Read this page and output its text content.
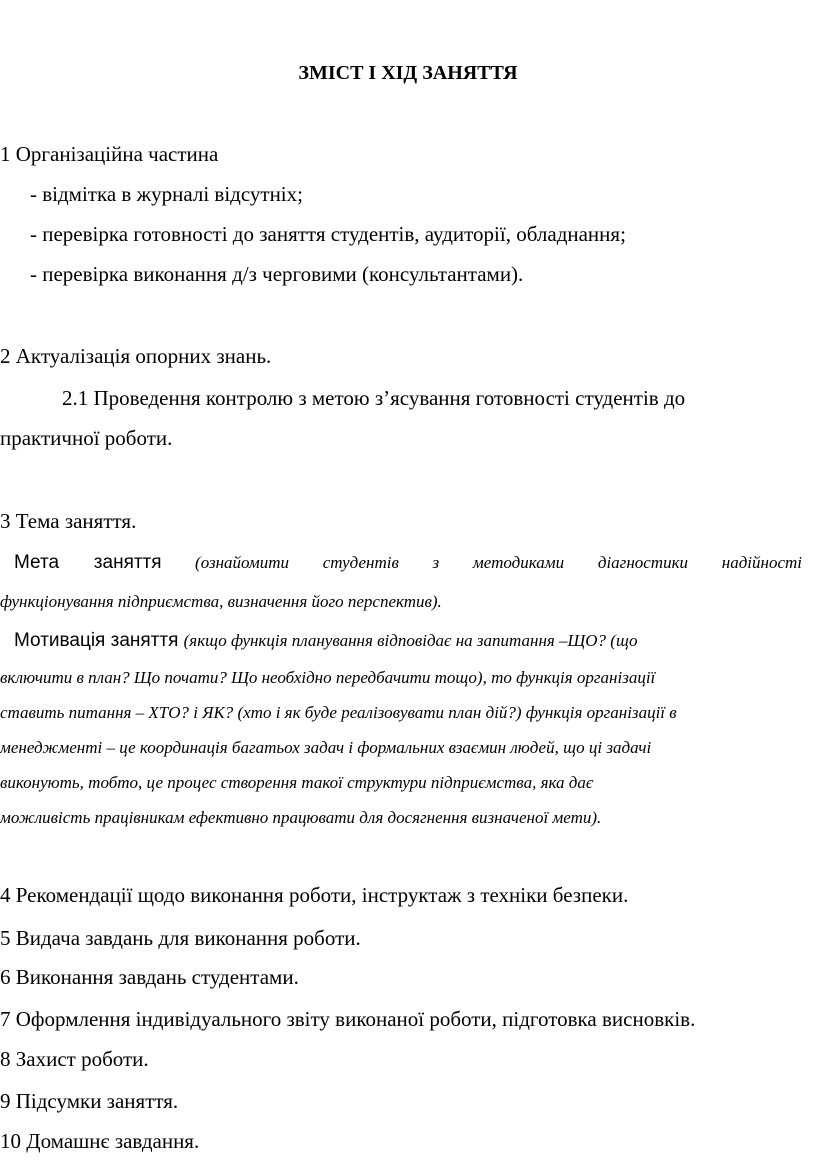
ЗМІСТ І ХІД ЗАНЯТТЯ
1 Організаційна частина
- відмітка в журналі відсутніх;
- перевірка готовності до заняття студентів, аудиторії, обладнання;
- перевірка виконання д/з черговими (консультантами).
2 Актуалізація опорних знань.
2.1 Проведення контролю з метою з’ясування готовності студентів до
практичної роботи.
3 Тема заняття.
Мета заняття (ознайомити студентів з методиками діагностики надійності
функціонування підприємства, визначення його перспектив).
Мотивація заняття (якщо функція планування відповідає на запитання –ЩО? (що
включити в план? Що почати? Що необхідно передбачити тощо), то функція організації
ставить питання – ХТО? і ЯК? (хто і як буде реалізовувати план дій?) функція організації в
менеджменті – це координація багатьох задач і формальних взаємин людей, що ці задачі
виконують, тобто, це процес створення такої структури підприємства, яка дає
можливість працівникам ефективно працювати для досягнення визначеної мети).
4 Рекомендації щодо виконання роботи, інструктаж з техніки безпеки.
5 Видача завдань для виконання роботи.
6 Виконання завдань студентами.
7 Оформлення індивідуального звіту виконаної роботи, підготовка висновків.
8 Захист роботи.
9 Підсумки заняття.
10 Домашнє завдання.
